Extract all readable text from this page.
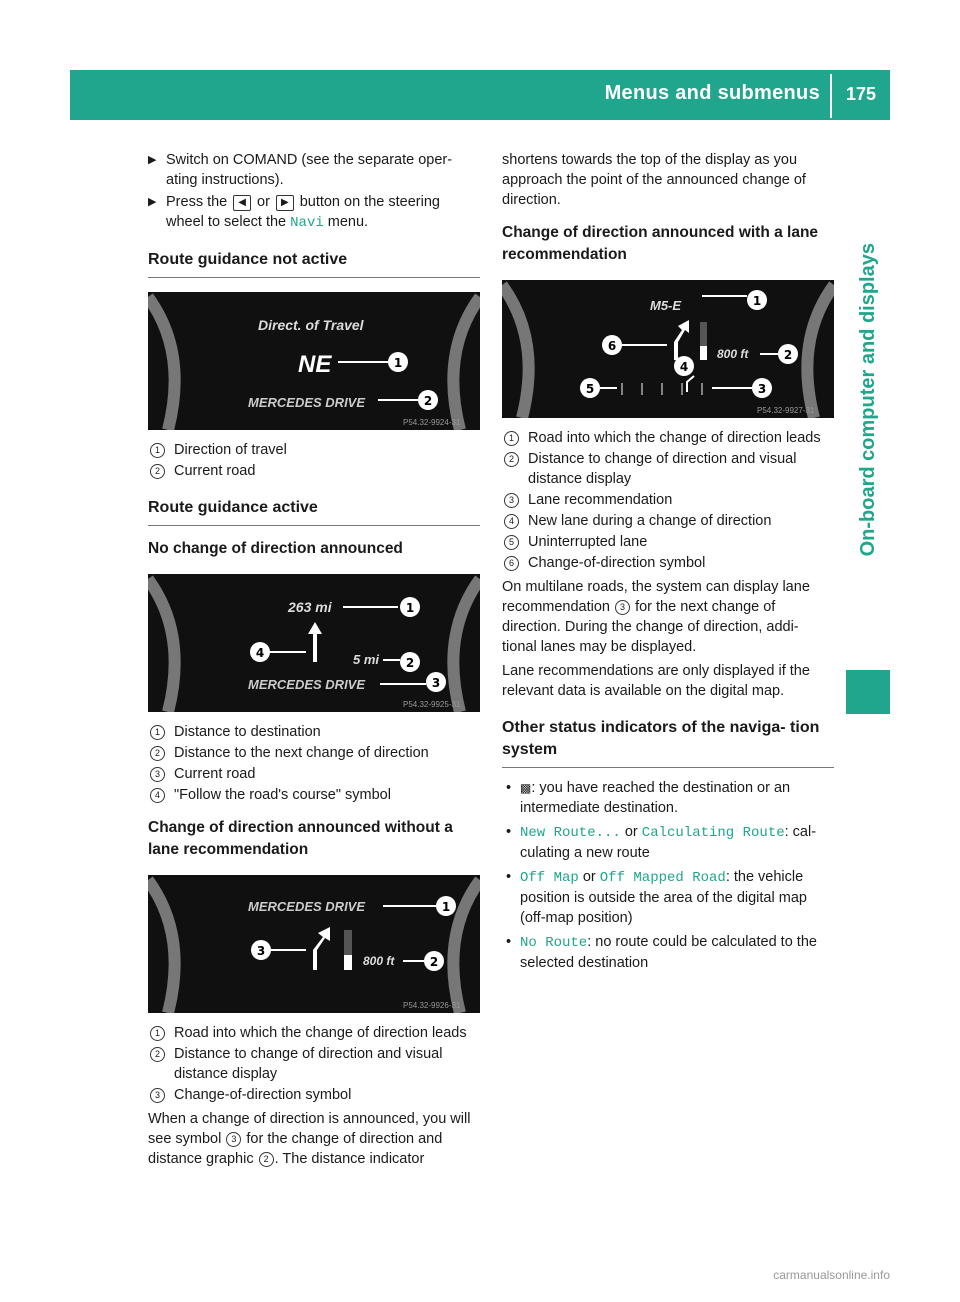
Menus and submenus 175
On-board computer and displays
▶ Switch on COMAND (see the separate oper- ating instructions).
▶ Press the ◀ or ▶ button on the steering wheel to select the Navi menu.
Route guidance not active
Direct. of Travel
NE
MERCEDES DRIVE
1
2
P54.32-9924-31
1 Direction of travel
2 Current road
Route guidance active
No change of direction announced
263 mi
5 mi
MERCEDES DRIVE
1
2
3
4
P54.32-9925-31
1 Distance to destination
2 Distance to the next change of direction
3 Current road
4 "Follow the road's course" symbol
Change of direction announced without a lane recommendation
MERCEDES DRIVE
800 ft
1
2
3
P54.32-9926-31
1 Road into which the change of direction leads
2 Distance to change of direction and visual distance display
3 Change-of-direction symbol

When a change of direction is announced, you will see symbol 3 for the change of direction and distance graphic 2 . The distance indicator

shortens towards the top of the display as you approach the point of the announced change of direction.

Change of direction announced with a lane recommendation
M5-E
800 ft
1
2
3
4
5
6
P54.32-9927-31
1 Road into which the change of direction leads
2 Distance to change of direction and visual distance display
3 Lane recommendation
4 New lane during a change of direction
5 Uninterrupted lane
6 Change-of-direction symbol

On multilane roads, the system can display lane recommendation 3 for the next change of direction. During the change of direction, addi- tional lanes may be displayed.

Lane recommendations are only displayed if the relevant data is available on the digital map.

Other status indicators of the naviga- tion system
• ▩: you have reached the destination or an intermediate destination.
• New Route... or Calculating Route: cal- culating a new route
• Off Map or Off Mapped Road: the vehicle position is outside the area of the digital map (off-map position)
• No Route: no route could be calculated to the selected destination
carmanualsonline.info
